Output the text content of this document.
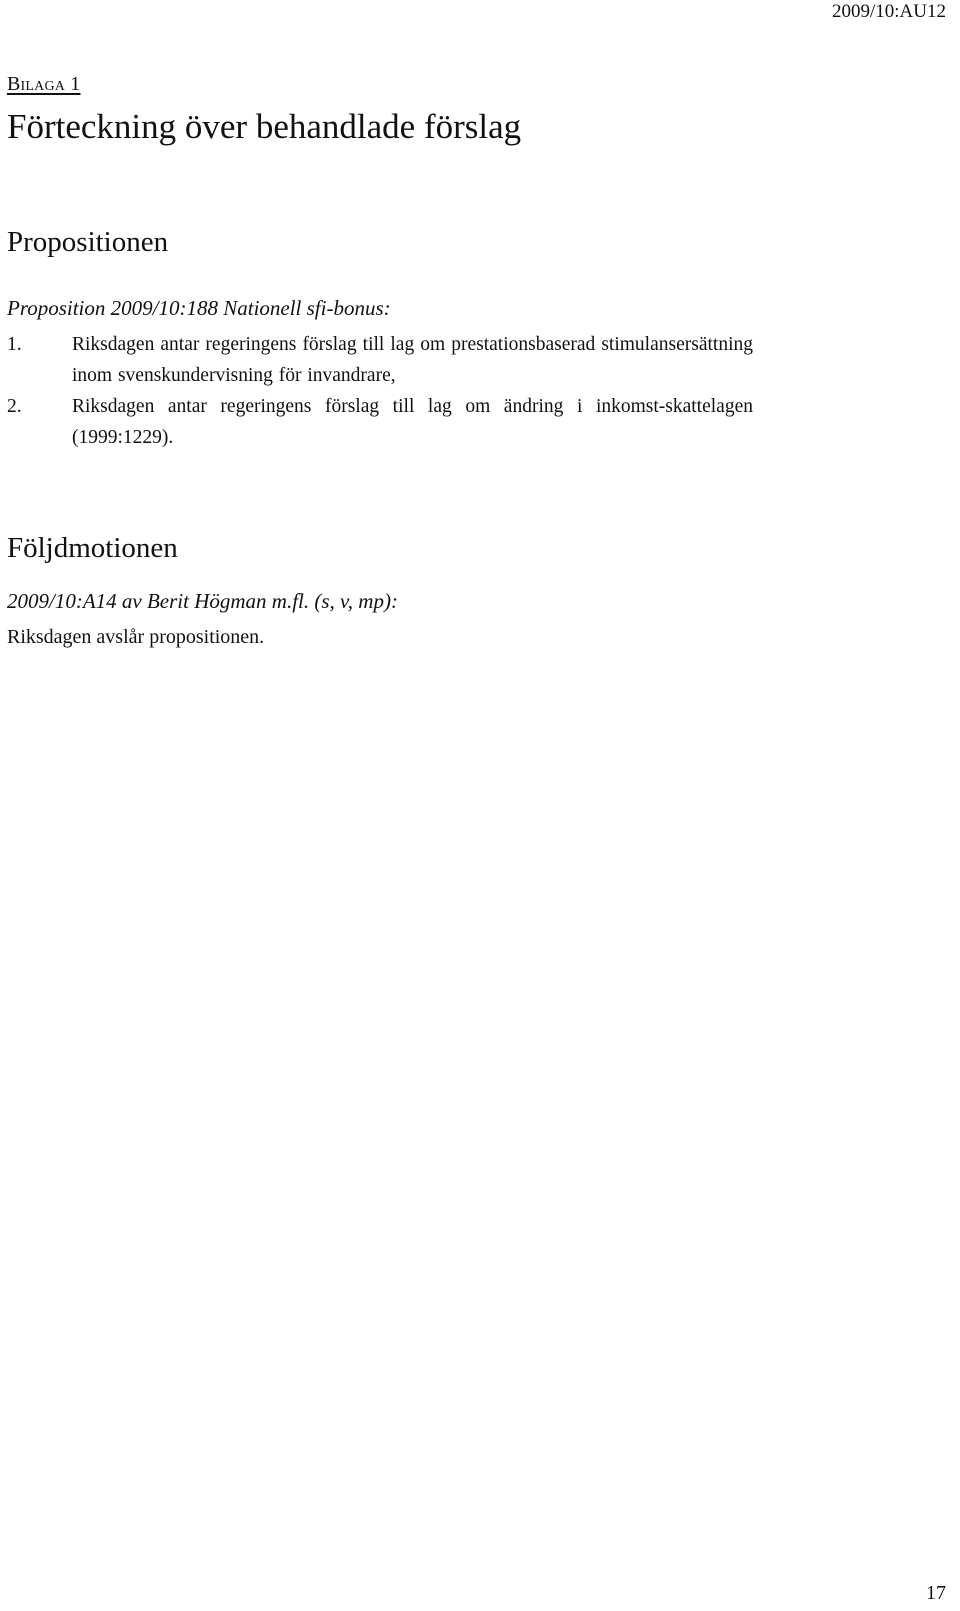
2009/10:AU12
Bilaga 1
Förteckning över behandlade förslag
Propositionen
Proposition 2009/10:188 Nationell sfi-bonus:
1.	Riksdagen antar regeringens förslag till lag om prestationsbaserad stimulansersättning inom svenskundervisning för invandrare,
2.	Riksdagen antar regeringens förslag till lag om ändring i inkomst-skattelagen (1999:1229).
Följdmotionen
2009/10:A14 av Berit Högman m.fl. (s, v, mp):
Riksdagen avslår propositionen.
17
